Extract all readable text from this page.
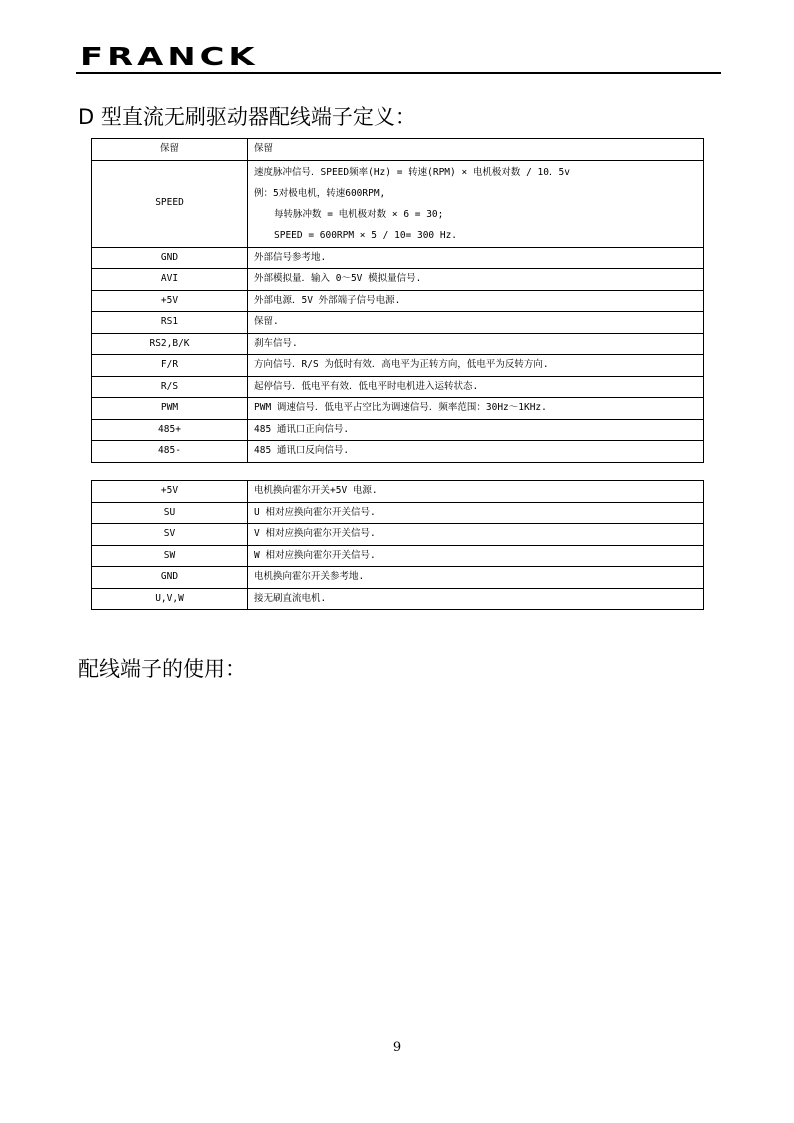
FRANCK
D 型直流无刷驱动器配线端子定义：
保留	保留
SPEED	速度脉冲信号．SPEED频率(Hz) = 转速(RPM) × 电机极对数 / 10．5v
例：5对极电机，转速600RPM,
每转脉冲数 = 电机极对数 × 6 = 30;
SPEED = 600RPM × 5 / 10= 300 Hz.

GND	外部信号参考地.
AVI	外部模拟量．输入 0～5V 模拟量信号.
+5V	外部电源．5V 外部端子信号电源.
RS1	保留.
RS2,B/K	刹车信号.
F/R	方向信号．R/S 为低时有效．高电平为正转方向，低电平为反转方向.
R/S	起停信号．低电平有效．低电平时电机进入运转状态.
PWM	PWM 调速信号．低电平占空比为调速信号．频率范围：30Hz～1KHz.
485+	485 通讯口正向信号.
485-	485 通讯口反向信号.
+5V	电机换向霍尔开关+5V 电源.
SU	U 相对应换向霍尔开关信号.
SV	V 相对应换向霍尔开关信号.
SW	W 相对应换向霍尔开关信号.
GND	电机换向霍尔开关参考地.
U,V,W	接无刷直流电机.
配线端子的使用：

9
